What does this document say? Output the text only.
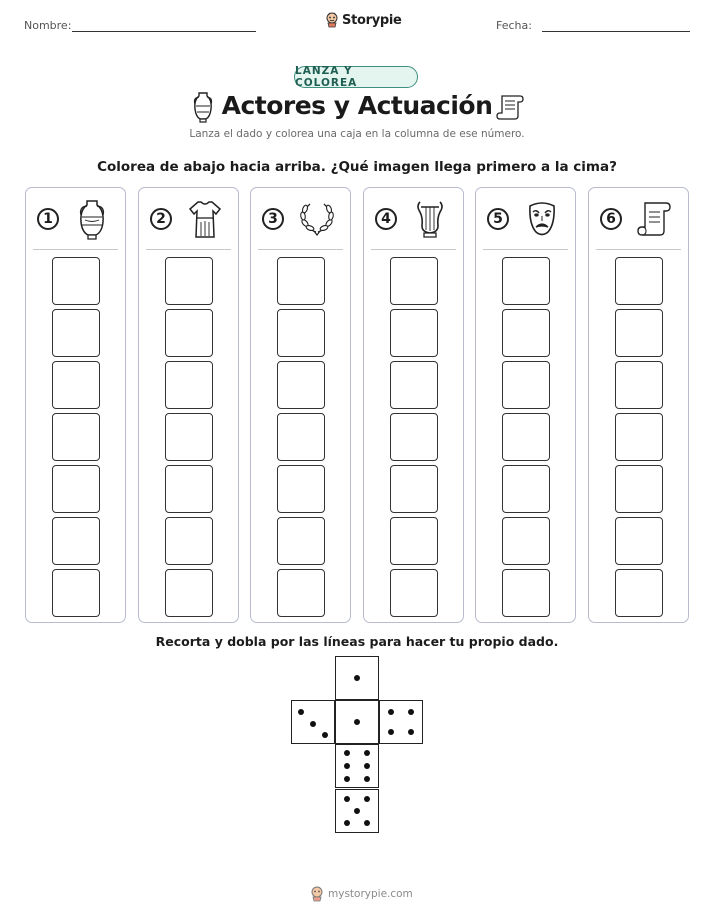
Nombre:	Storypie	Fecha:
LANZA Y COLOREA
Actores y Actuación
Lanza el dado y colorea una caja en la columna de ese número.
Colorea de abajo hacia arriba. ¿Qué imagen llega primero a la cima?
1	2	3	4	5	6
Recorta y dobla por las líneas para hacer tu propio dado.
mystorypie.com
